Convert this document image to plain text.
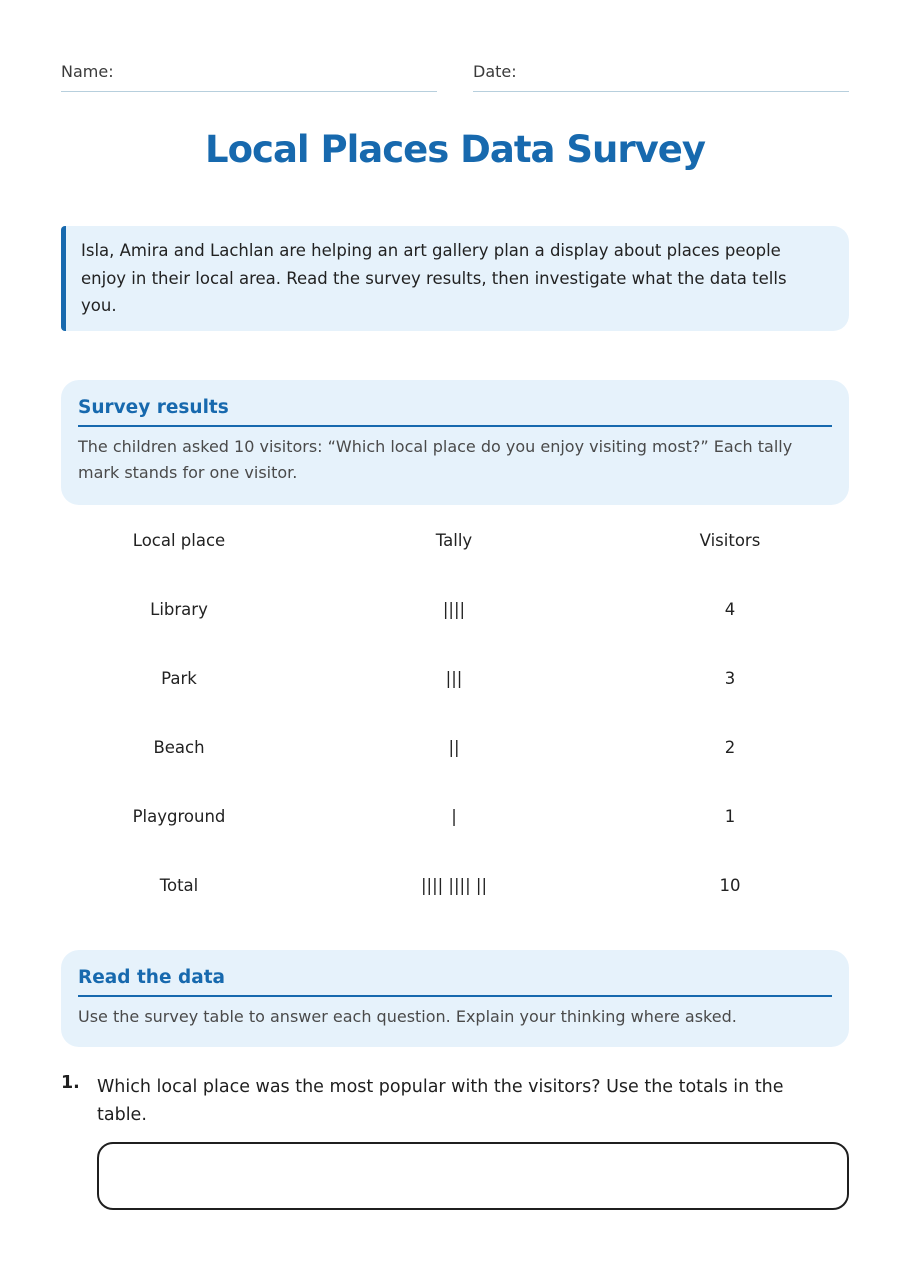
Name:	Date:
Local Places Data Survey
Isla, Amira and Lachlan are helping an art gallery plan a display about places people enjoy in their local area. Read the survey results, then investigate what the data tells you.
Survey results
The children asked 10 visitors: “Which local place do you enjoy visiting most?” Each tally mark stands for one visitor.
Local place	Tally	Visitors
Library	||||	4
Park	|||	3
Beach	||	2
Playground	|	1
Total	|||| |||| ||	10
Read the data
Use the survey table to answer each question. Explain your thinking where asked.
1. Which local place was the most popular with the visitors? Use the totals in the table.
